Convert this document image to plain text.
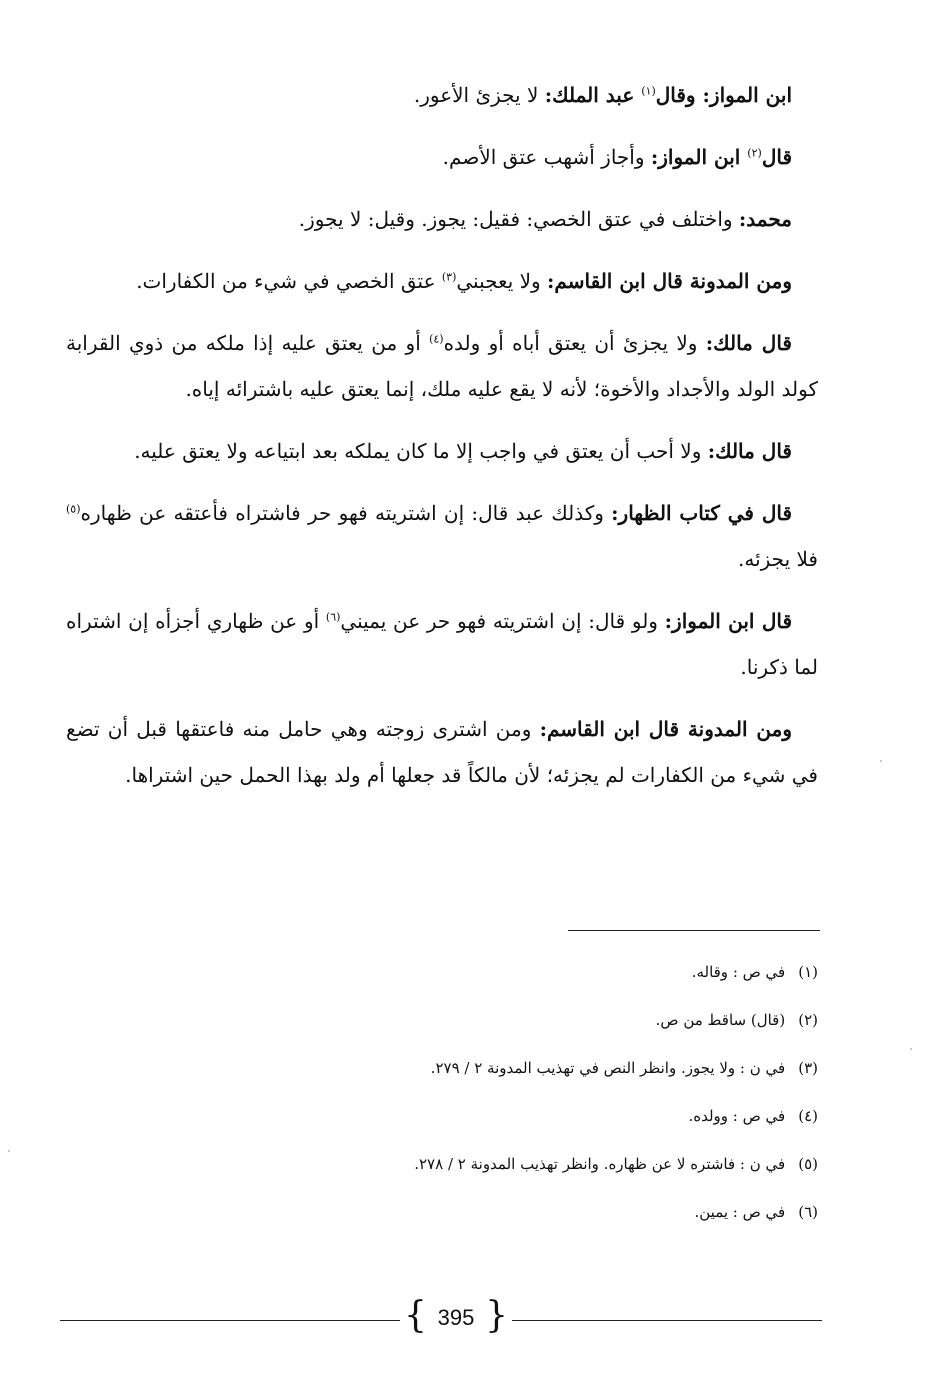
ابن المواز: وقال$^{(١)}$ عبد الملك: لا يجزئ الأعور.

قال$^{(٢)}$ ابن المواز: وأجاز أشهب عتق الأصم.

محمد: واختلف في عتق الخصي: فقيل: يجوز. وقيل: لا يجوز.

ومن المدونة قال ابن القاسم: ولا يعجبني$^{(٣)}$ عتق الخصي في شيء من الكفارات.

قال مالك: ولا يجزئ أن يعتق أباه أو ولده$^{(٤)}$ أو من يعتق عليه إذا ملكه من ذوي القرابة كولد الولد والأجداد والأخوة؛ لأنه لا يقع عليه ملك، إنما يعتق عليه باشترائه إياه.

قال مالك: ولا أحب أن يعتق في واجب إلا ما كان يملكه بعد ابتياعه ولا يعتق عليه.

قال في كتاب الظهار: وكذلك عبد قال: إن اشتريته فهو حر فاشتراه فأعتقه عن ظهاره$^{(٥)}$ فلا يجزئه.

قال ابن المواز: ولو قال: إن اشتريته فهو حر عن يميني$^{(٦)}$ أو عن ظهاري أجزأه إن اشتراه لما ذكرنا.

ومن المدونة قال ابن القاسم: ومن اشترى زوجته وهي حامل منه فاعتقها قبل أن تضع في شيء من الكفارات لم يجزئه؛ لأن مالكاً قد جعلها أم ولد بهذا الحمل حين اشتراها.

(١) في ص : وقاله.
(٢) (قال) ساقط من ص.
(٣) في ن : ولا يجوز. وانظر النص في تهذيب المدونة ٢ / ٢٧٩.
(٤) في ص : وولده.
(٥) في ن : فاشتره لا عن ظهاره. وانظر تهذيب المدونة ٢ / ٢٧٨.
(٦) في ص : يمين.
{ 395 }
